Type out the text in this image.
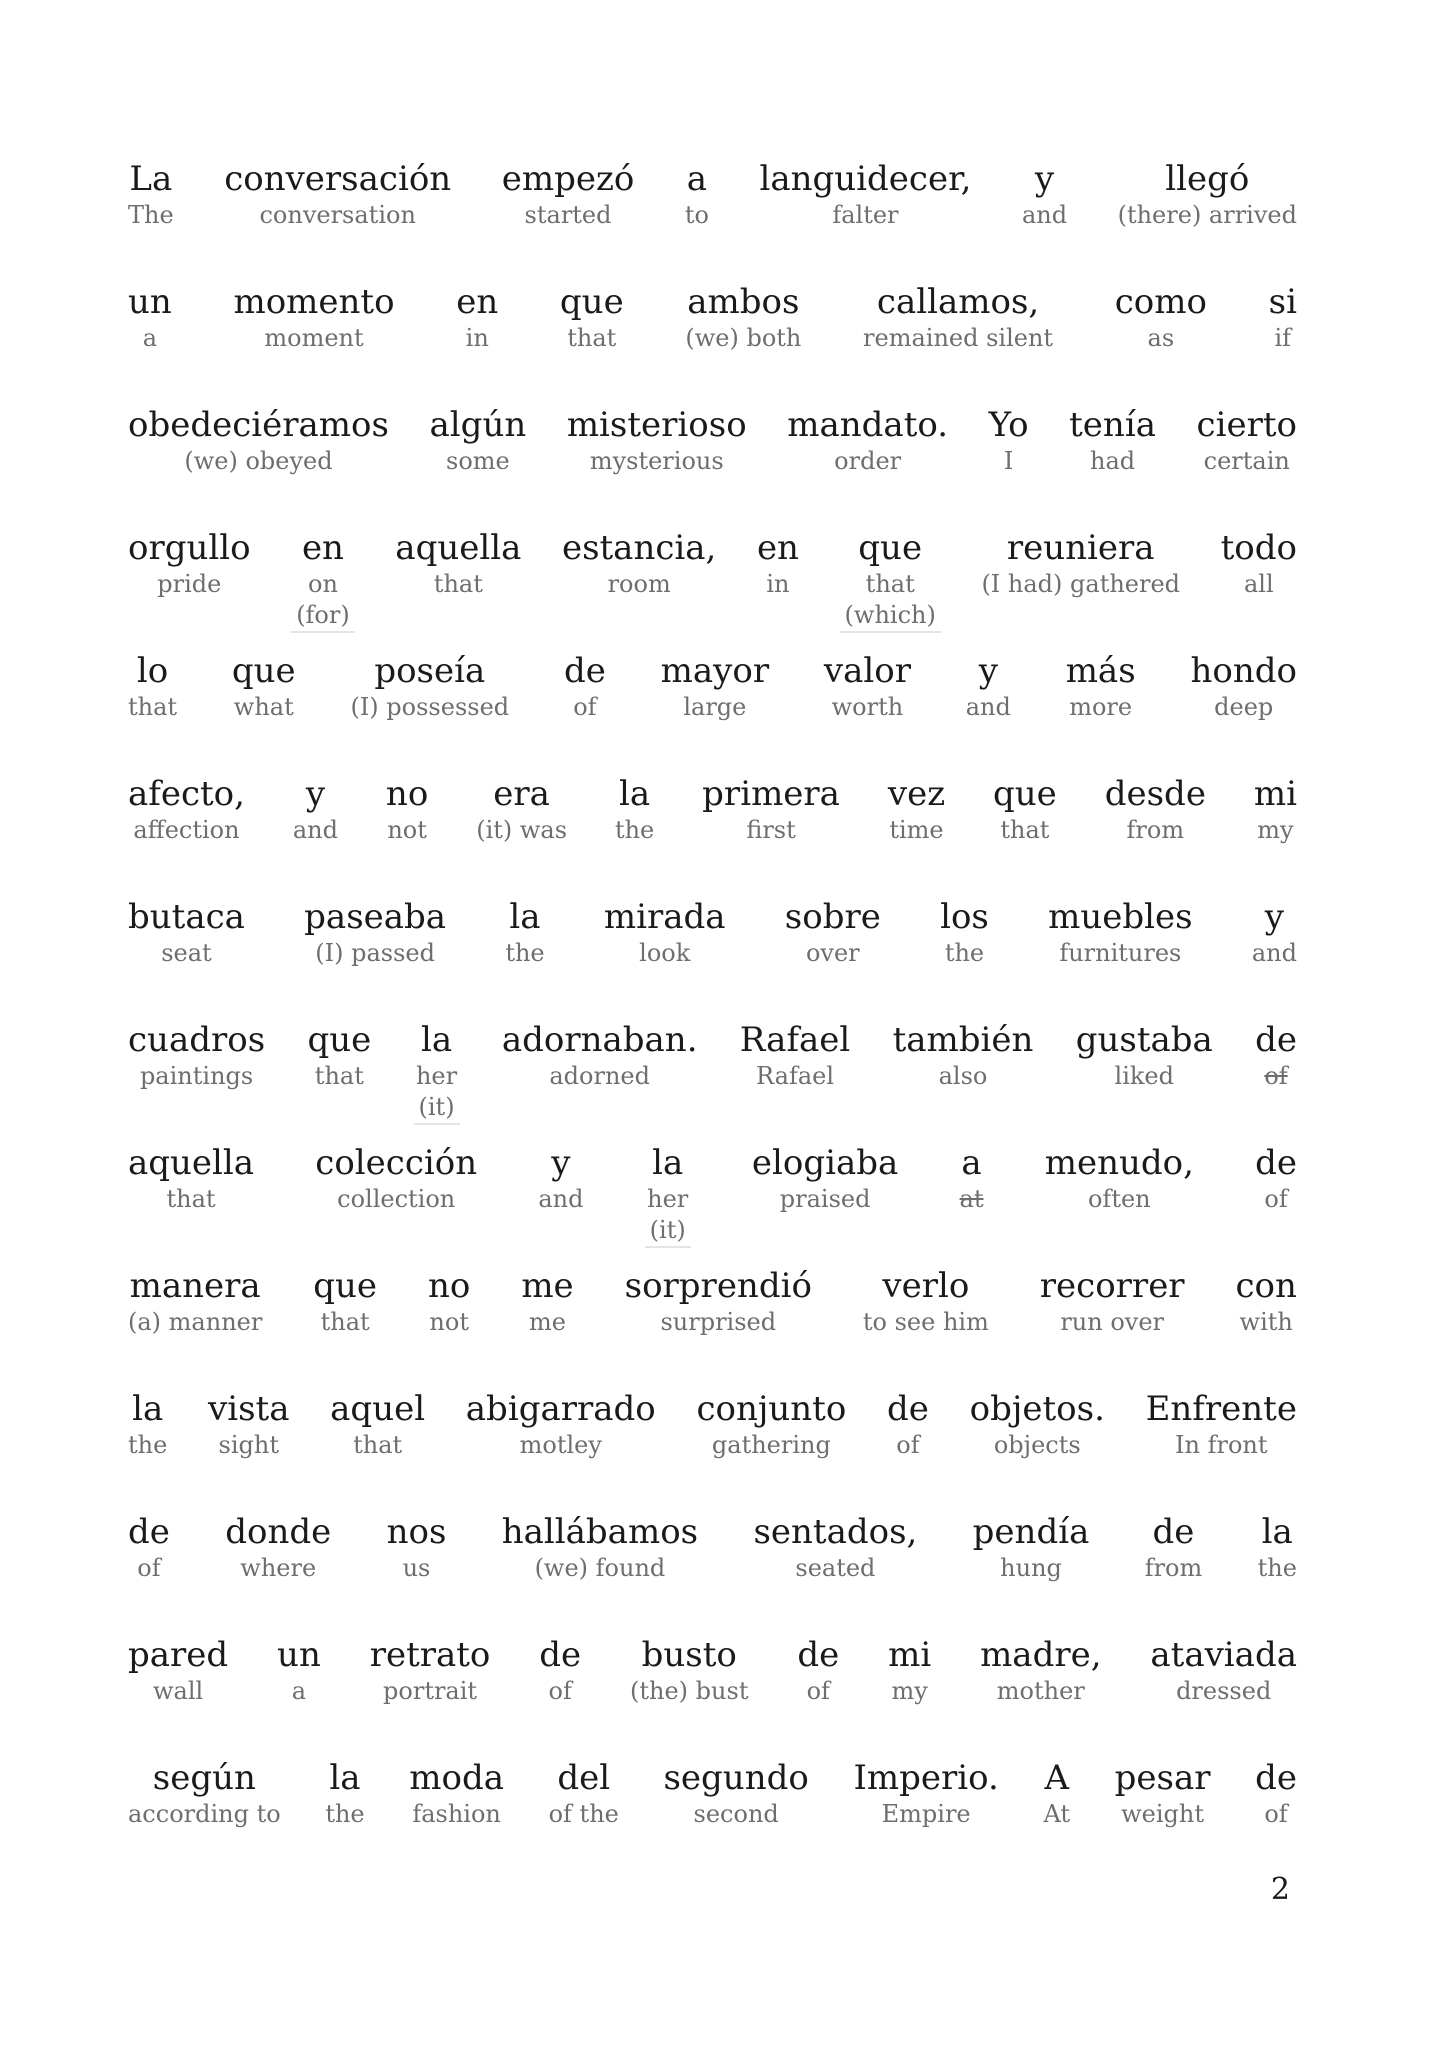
La
The
conversación
conversation
empezó
started
a
to
languidecer,
falter
y
and
llegó
(there) arrived
un
a
momento
moment
en
in
que
that
ambos
(we) both
callamos,
remained silent
como
as
si
if
obedeciéramos
(we) obeyed
algún
some
misterioso
mysterious
mandato.
order
Yo
I
tenía
had
cierto
certain
orgullo
pride
en
on
(for)
aquella
that
estancia,
room
en
in
que
that
(which)
reuniera
(I had) gathered
todo
all
lo
that
que
what
poseía
(I) possessed
de
of
mayor
large
valor
worth
y
and
más
more
hondo
deep
afecto,
affection
y
and
no
not
era
(it) was
la
the
primera
first
vez
time
que
that
desde
from
mi
my
butaca
seat
paseaba
(I) passed
la
the
mirada
look
sobre
over
los
the
muebles
furnitures
y
and
cuadros
paintings
que
that
la
her
(it)
adornaban.
adorned
Rafael
Rafael
también
also
gustaba
liked
de
of
aquella
that
colección
collection
y
and
la
her
(it)
elogiaba
praised
a
at
menudo,
often
de
of
manera
(a) manner
que
that
no
not
me
me
sorprendió
surprised
verlo
to see him
recorrer
run over
con
with
la
the
vista
sight
aquel
that
abigarrado
motley
conjunto
gathering
de
of
objetos.
objects
Enfrente
In front
de
of
donde
where
nos
us
hallábamos
(we) found
sentados,
seated
pendía
hung
de
from
la
the
pared
wall
un
a
retrato
portrait
de
of
busto
(the) bust
de
of
mi
my
madre,
mother
ataviada
dressed
según
according to
la
the
moda
fashion
del
of the
segundo
second
Imperio.
Empire
A
At
pesar
weight
de
of
2
